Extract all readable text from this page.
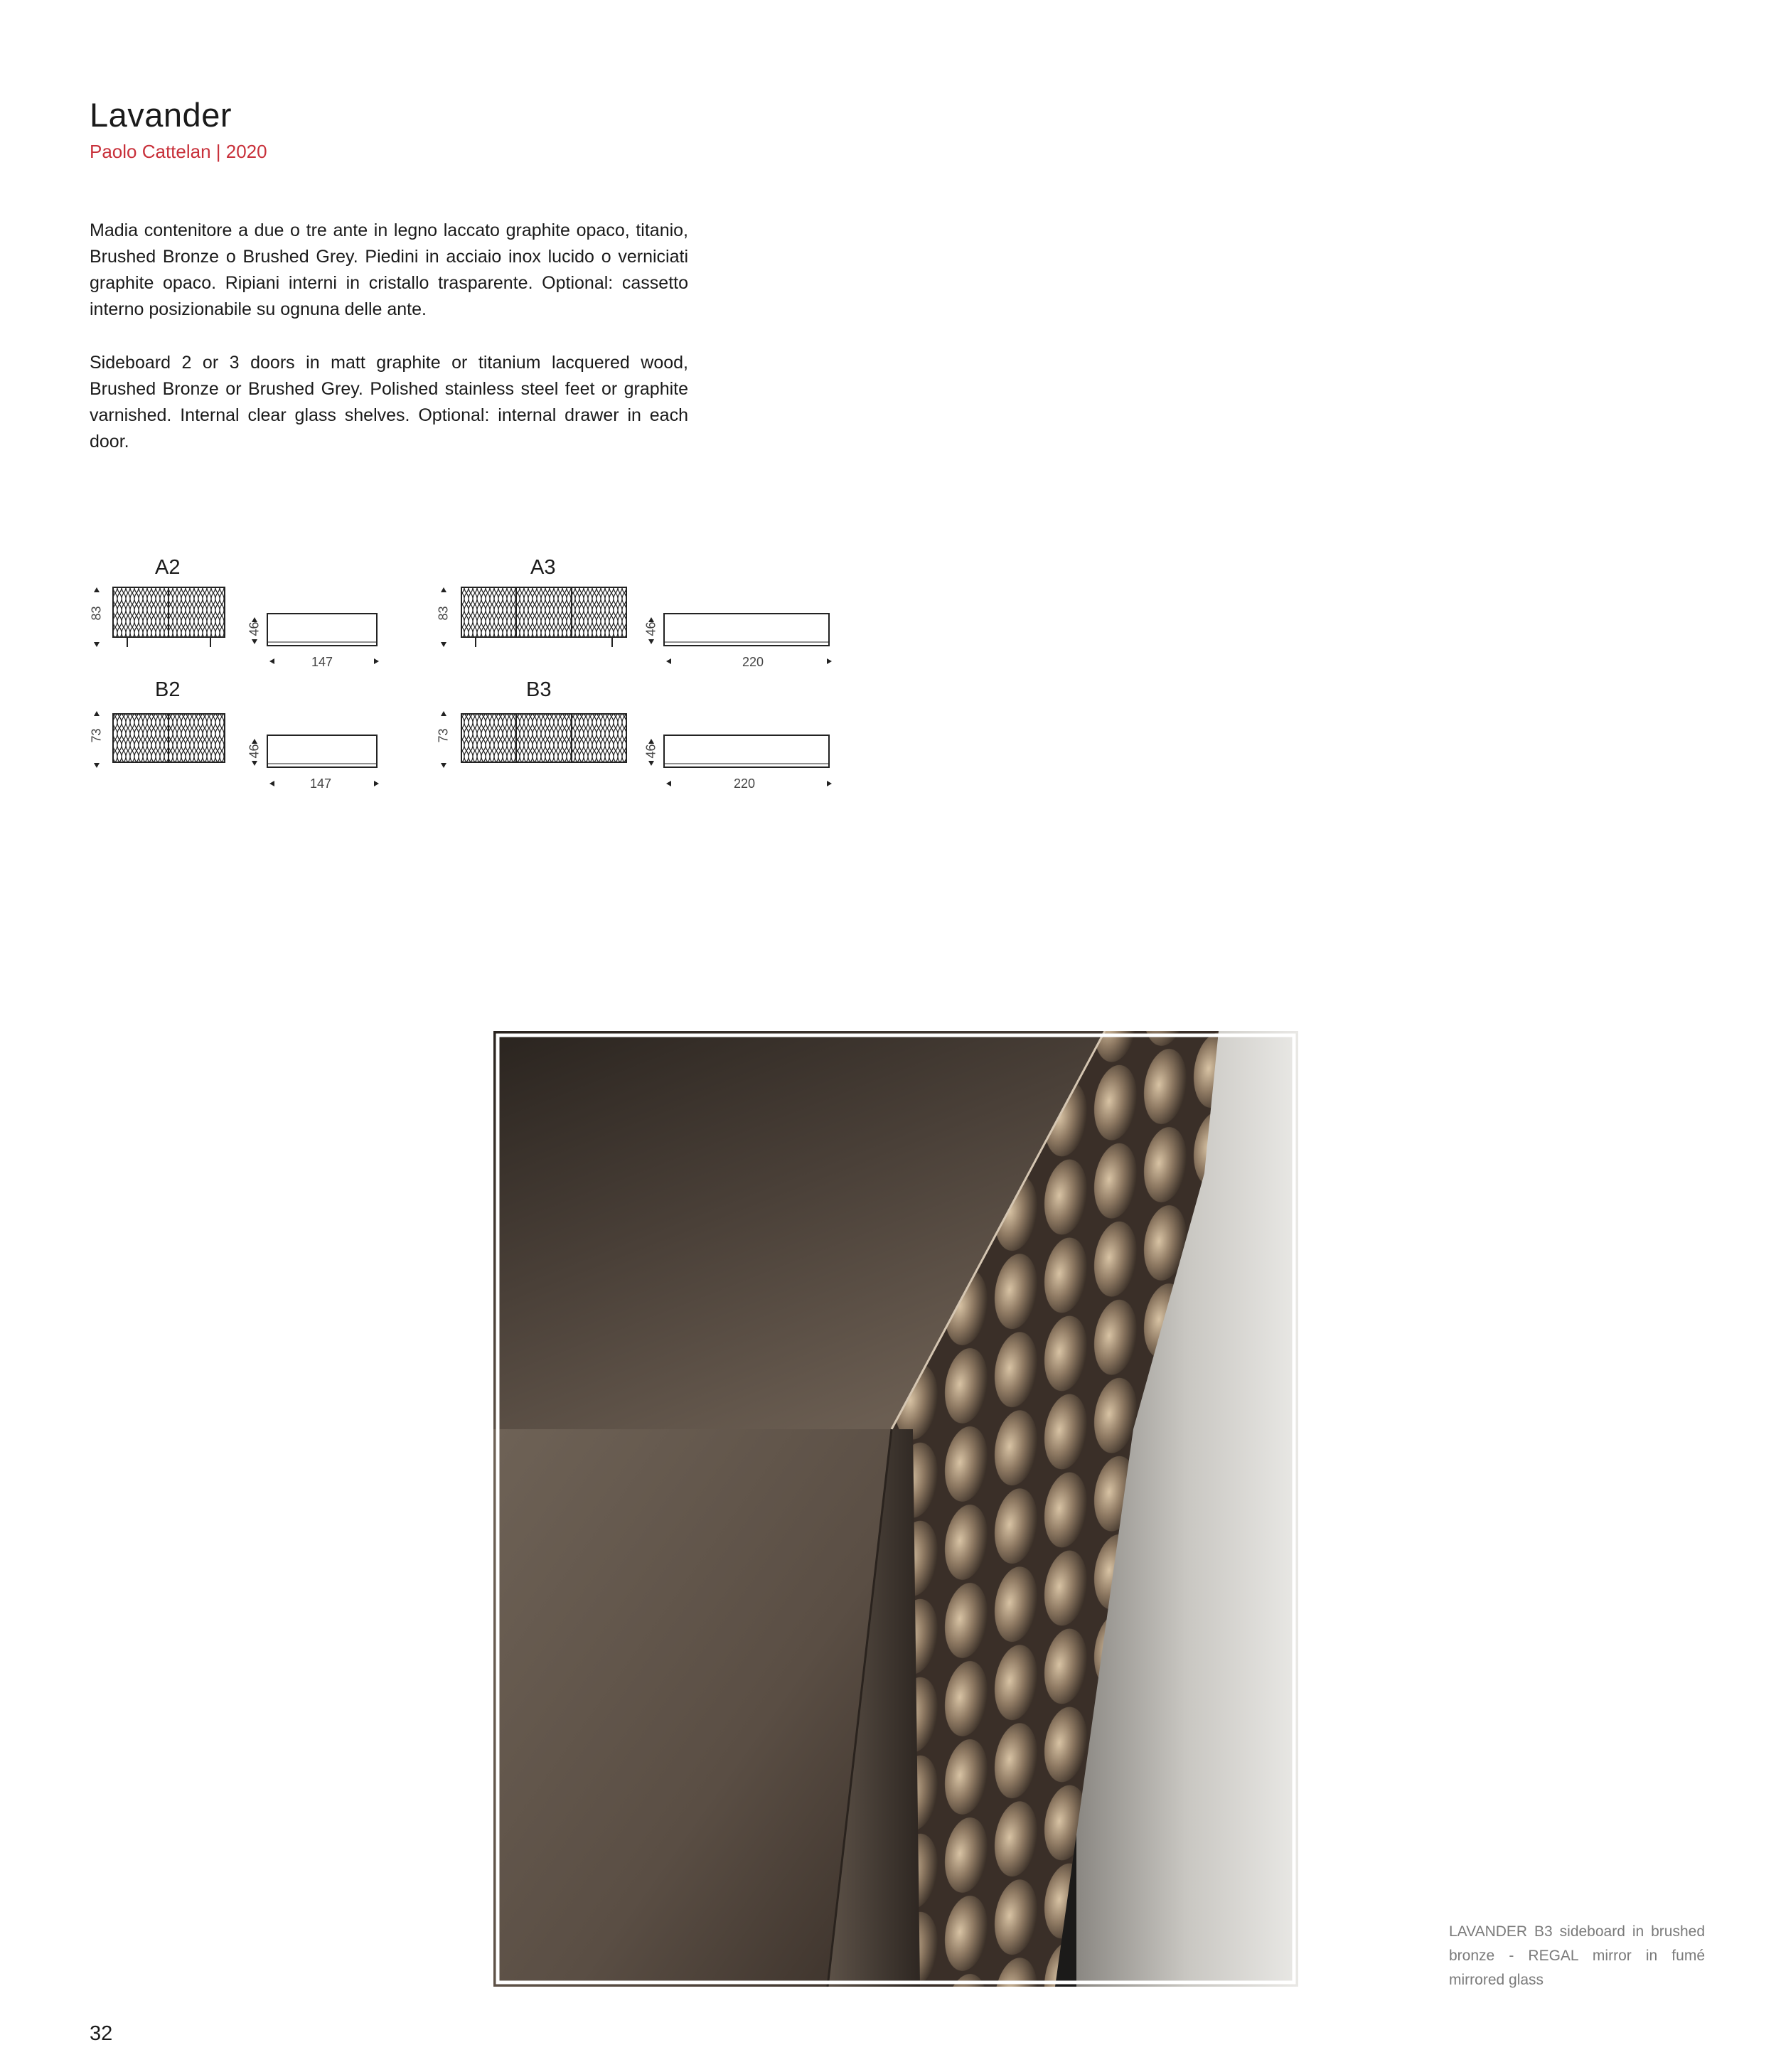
Lavander
Paolo Cattelan | 2020
Madia contenitore a due o tre ante in legno laccato graphite opaco, titanio, Brushed Bronze o Brushed Grey. Piedini in acciaio inox lucido o verniciati graphite opaco. Ripiani interni in cristallo trasparente. Optional: cassetto interno posizionabile su ognuna delle ante.
Sideboard 2 or 3 doors in matt graphite or titanium lacquered wood, Brushed Bronze or Brushed Grey. Polished stainless steel feet or graphite varnished. Internal clear glass shelves. Optional: internal drawer in each door.
A2
83
46
147
A3
83
46
220
B2
73
46
147
B3
73
46
220
LAVANDER B3 sideboard in brushed bronze - REGAL mirror in fumé mirrored glass
32
